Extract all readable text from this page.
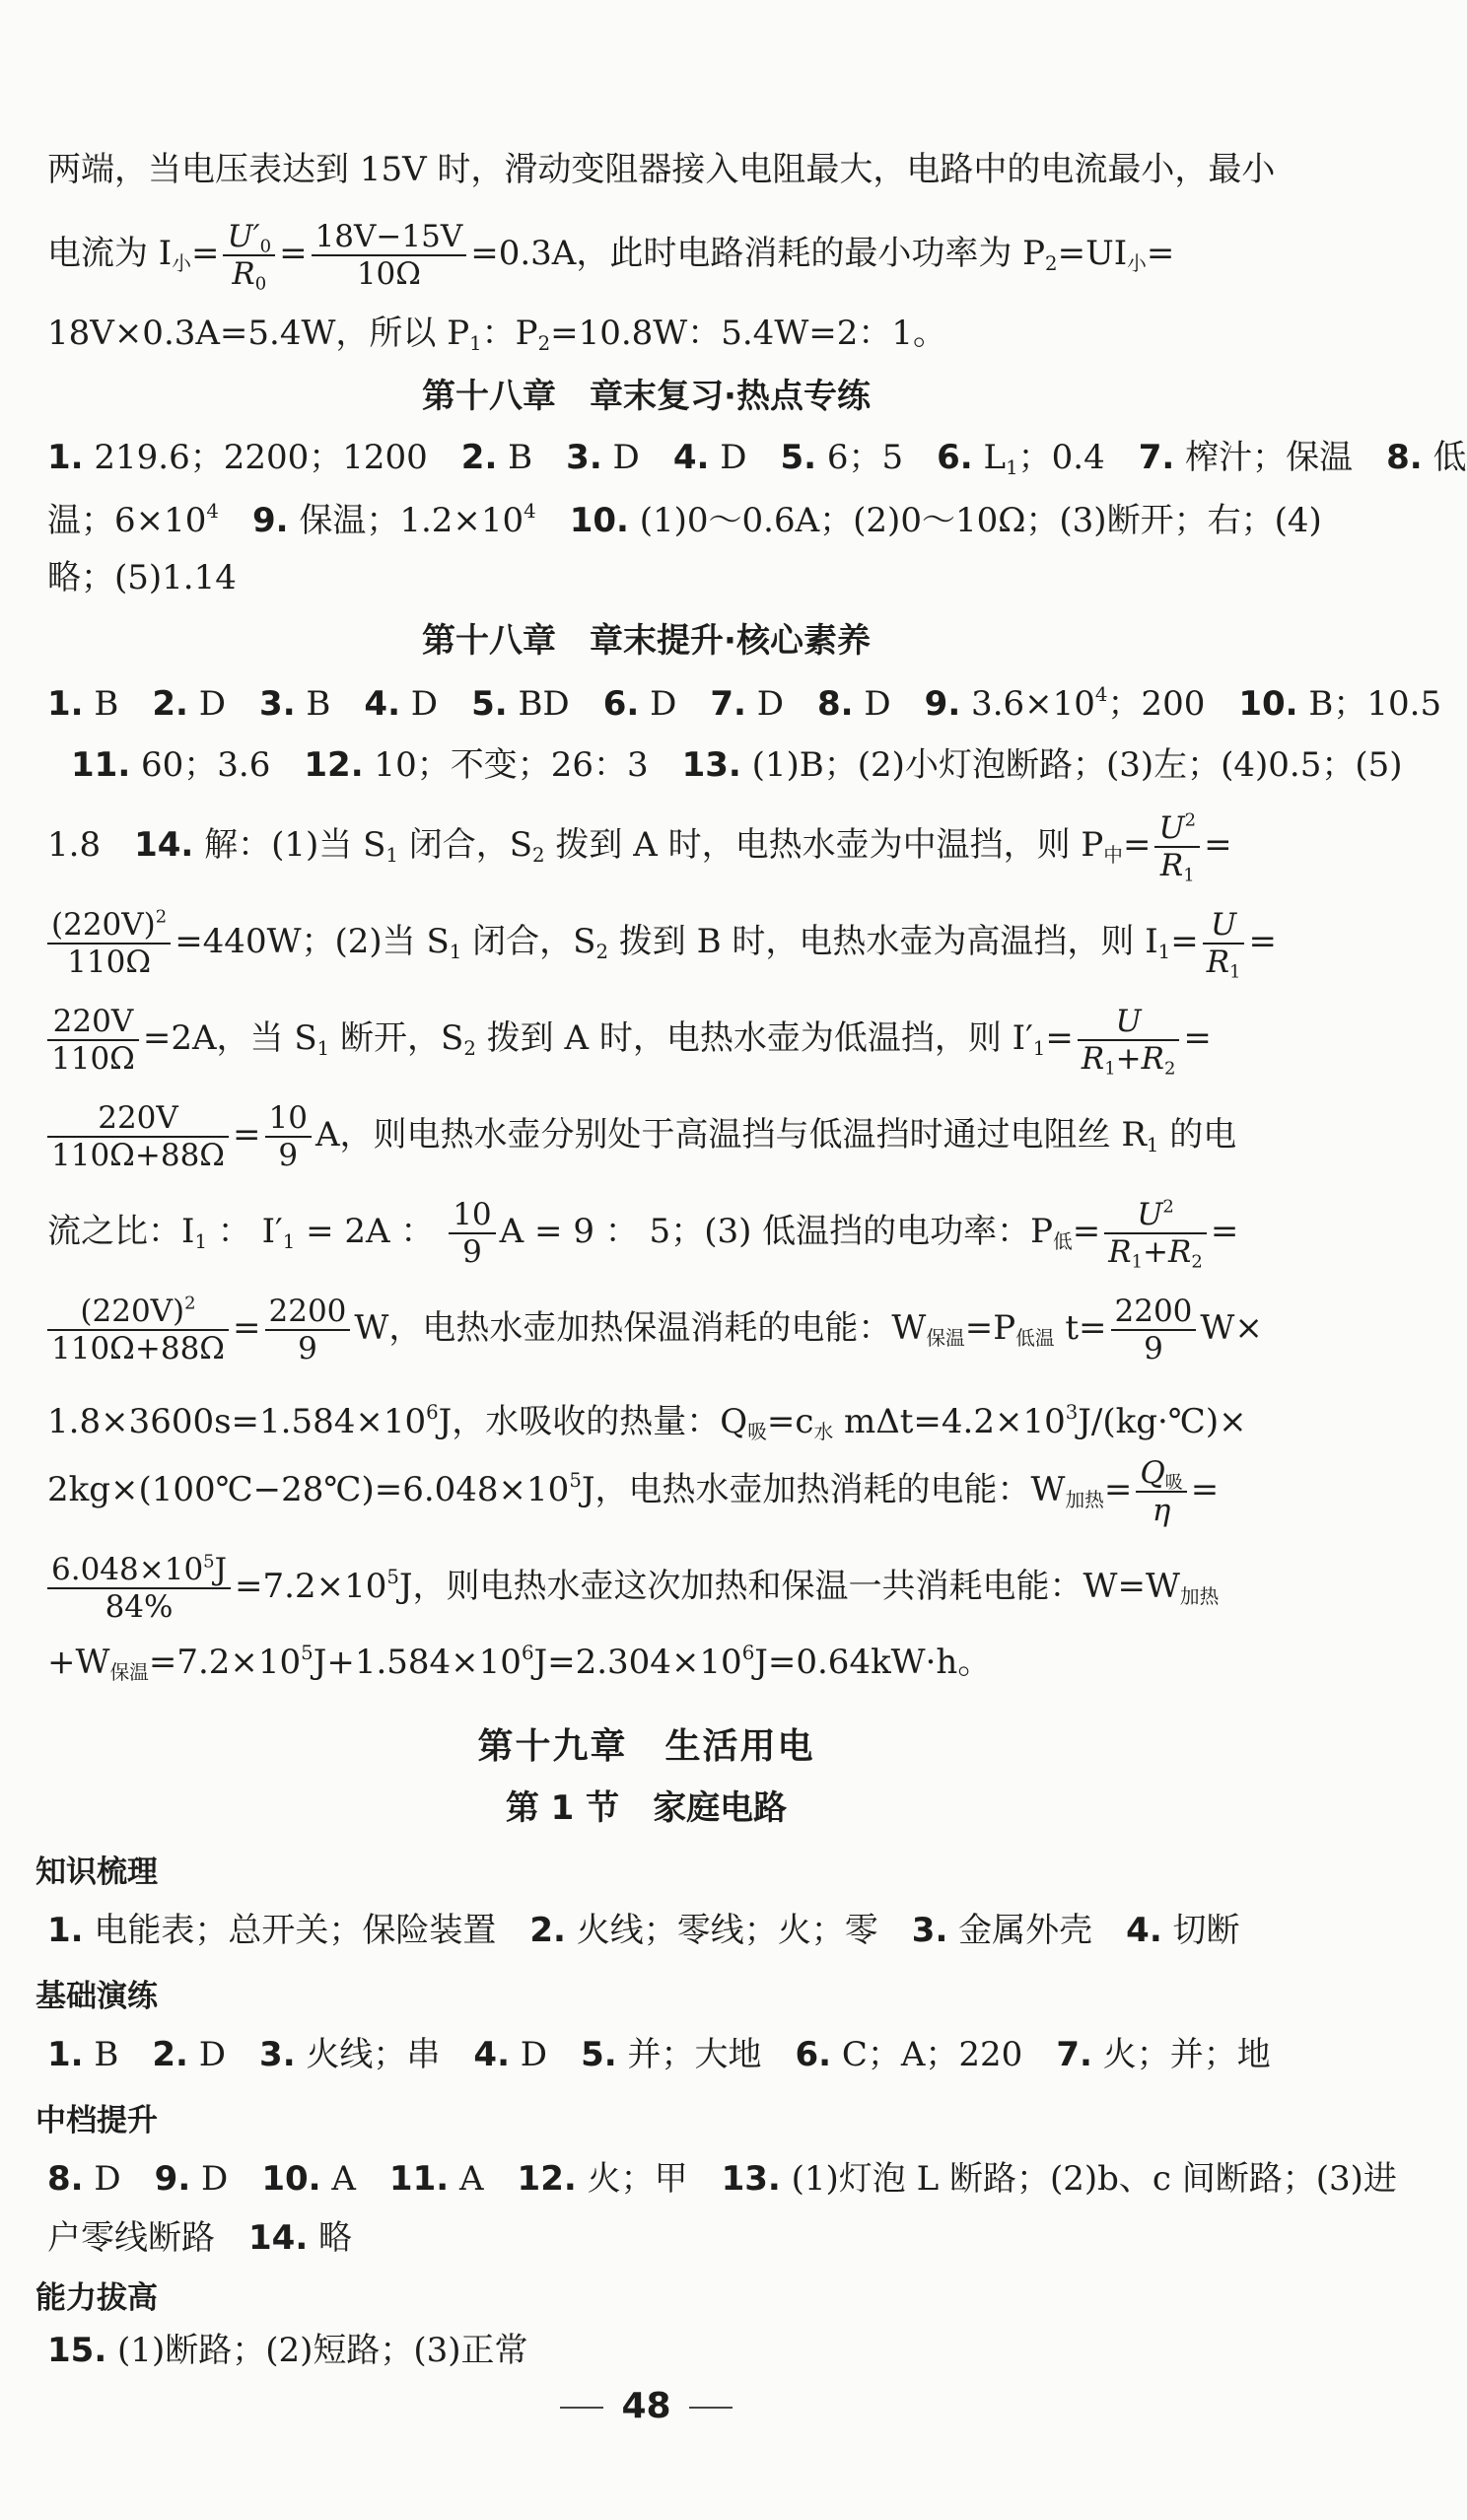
两端，当电压表达到 15V 时，滑动变阻器接入电阻最大，电路中的电流最小，最小
电流为 $I_小= \frac{U'_0}{R_0} = \frac{18V-15V}{10\Omega} =0.3A$，此时电路消耗的最小功率为 $P_2=UI_小=$
18V×0.3A=5.4W，所以 $P_1$：$P_2=10.8W$：5.4W=2：1。
第十八章　章末复习·热点专练
1. 219.6；2200；1200　2. B　3. D　4. D　5. 6；5　6. $L_1$；0.4　7. 榨汁；保温　8. 低
温；$6\times 10^4$　 9. 保温；$1.2\times 10^4$　 10. (1)0～0.6A；(2)0～10Ω；(3)断开；右；(4)
略；(5)1.14
第十八章　章末提升·核心素养
1. B　2. D　3. B　4. D　5. BD　6. D　7. D　8. D　9. $3.6\times 10^4$；200　10. B；10.5
11. 60；3.6　12. 10；不变；26：3　13. (1)B；(2)小灯泡断路；(3)左；(4)0.5；(5)
1.8　14. 解：(1)当 $S_1$ 闭合，$S_2$ 拨到 A 时，电热水壶为中温挡，则 $P_中= \frac{U^2}{R_1}$ =
$\frac{(220V)^2}{110\Omega} =440W$；(2)当 $S_1$ 闭合，$S_2$ 拨到 B 时，电热水壶为高温挡，则 $I_1= \frac{U}{R_1}$ =
$\frac{220V}{110\Omega} =2A$，当 $S_1$ 断开，$S_2$ 拨到 A 时，电热水壶为低温挡，则 $I'_1= \frac{U}{R_1+R_2}$ =
$\frac{220V}{110\Omega+88\Omega} = \frac{10}{9}$ A，则电热水壶分别处于高温挡与低温挡时通过电阻丝 $R_1$ 的电
流之比：$I_1$ ： $I'_1 = 2A$ ： $\frac{10}{9}$ A = 9 ： 5；(3) 低温挡的电功率：$P_低= \frac{U^2}{R_1+R_2}$ =
$\frac{(220V)^2}{110\Omega+88\Omega} = \frac{2200}{9}$ W，电热水壶加热保温消耗的电能：$W_{保温}=P_{低温}$ $t= \frac{2200}{9} W\times$
$1.8\times 3600s=1.584\times 10^6J$，水吸收的热量：$Q_吸=c_水$ $m\Delta t=4.2\times 10^3J/(kg\cdot℃)\times$
$2kg\times(100℃-28℃)=6.048\times 10^5J$，电热水壶加热消耗的电能：$W_{加热}= \frac{Q_吸}{\eta}$ =
$\frac{6.048\times 10^5J}{84\%} =7.2\times 10^5J$，则电热水壶这次加热和保温一共消耗电能：$W=W_{加热}$
$+W_{保温}=7.2\times 10^5J+1.584\times 10^6J=2.304\times 10^6J=0.64kW\cdot h$。
第十九章　生活用电
第 1 节　家庭电路
知识梳理
1. 电能表；总开关；保险装置　2. 火线；零线；火；零　3. 金属外壳　4. 切断
基础演练
1. B　2. D　3. 火线；串　4. D　5. 并；大地　6. C；A；220　7. 火；并；地
中档提升
8. D　9. D　10. A　11. A　12. 火；甲　13. (1)灯泡 L 断路；(2)b、c 间断路；(3)进
户零线断路　14. 略
能力拔高
15. (1)断路；(2)短路；(3)正常
48
